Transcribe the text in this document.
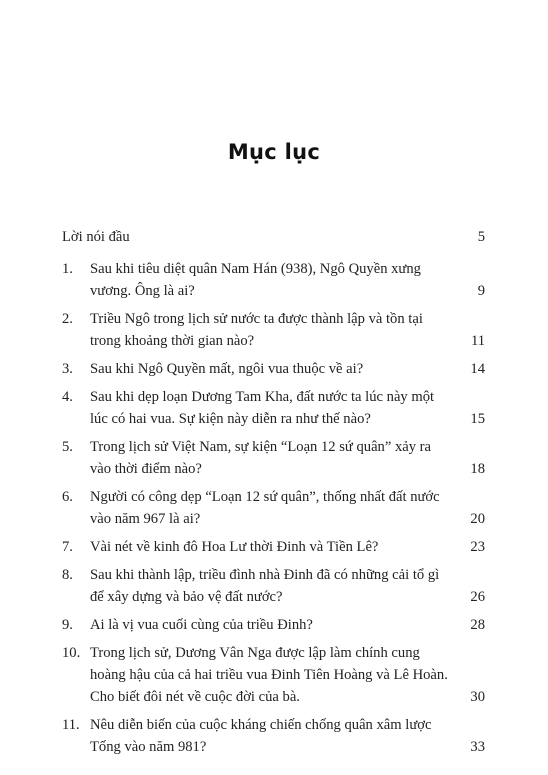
Mục lục
Lời nói đầu	5
1. Sau khi tiêu diệt quân Nam Hán (938), Ngô Quyền xưng vương. Ông là ai?	9
2. Triều Ngô trong lịch sử nước ta được thành lập và tồn tại trong khoảng thời gian nào?	11
3. Sau khi Ngô Quyền mất, ngôi vua thuộc về ai?	14
4. Sau khi dẹp loạn Dương Tam Kha, đất nước ta lúc này một lúc có hai vua. Sự kiện này diễn ra như thế nào?	15
5. Trong lịch sử Việt Nam, sự kiện “Loạn 12 sứ quân” xảy ra vào thời điểm nào?	18
6. Người có công dẹp “Loạn 12 sứ quân”, thống nhất đất nước vào năm 967 là ai?	20
7. Vài nét về kinh đô Hoa Lư thời Đinh và Tiền Lê?	23
8. Sau khi thành lập, triều đình nhà Đinh đã có những cải tổ gì để xây dựng và bảo vệ đất nước?	26
9. Ai là vị vua cuối cùng của triều Đinh?	28
10. Trong lịch sử, Dương Vân Nga được lập làm chính cung hoàng hậu của cả hai triều vua Đinh Tiên Hoàng và Lê Hoàn. Cho biết đôi nét về cuộc đời của bà.	30
11. Nêu diễn biến của cuộc kháng chiến chống quân xâm lược Tống vào năm 981?	33
